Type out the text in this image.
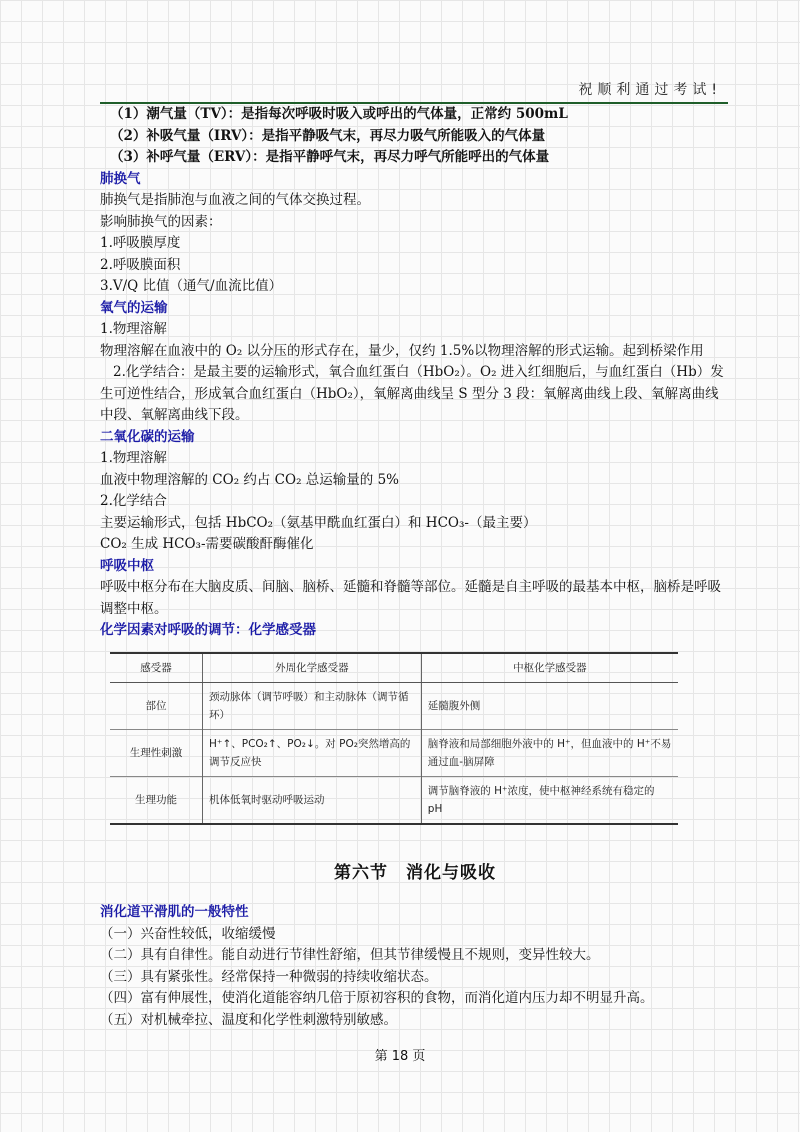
祝顺利通过考试!

（1）潮气量（TV）：是指每次呼吸时吸入或呼出的气体量，正常约 500mL

（2）补吸气量（IRV）：是指平静吸气末，再尽力吸气所能吸入的气体量

（3）补呼气量（ERV）：是指平静呼气末，再尽力呼气所能呼出的气体量

肺换气

肺换气是指肺泡与血液之间的气体交换过程。

影响肺换气的因素：

1.呼吸膜厚度

2.呼吸膜面积

3.V/Q 比值（通气/血流比值）

氧气的运输

1.物理溶解

物理溶解在血液中的 O₂ 以分压的形式存在，量少，仅约 1.5%以物理溶解的形式运输。起到桥梁作用

2.化学结合：是最主要的运输形式，氧合血红蛋白（HbO₂）。O₂ 进入红细胞后，与血红蛋白（Hb）发生可逆性结合，形成氧合血红蛋白（HbO₂），氧解离曲线呈 S 型分 3 段：氧解离曲线上段、氧解离曲线中段、氧解离曲线下段。

二氧化碳的运输

1.物理溶解

血液中物理溶解的 CO₂ 约占 CO₂ 总运输量的 5%

2.化学结合

主要运输形式，包括 HbCO₂（氨基甲酰血红蛋白）和 HCO₃-（最主要）

CO₂ 生成 HCO₃-需要碳酸酐酶催化

呼吸中枢

呼吸中枢分布在大脑皮质、间脑、脑桥、延髓和脊髓等部位。延髓是自主呼吸的最基本中枢，脑桥是呼吸调整中枢。

化学因素对呼吸的调节：化学感受器

感受器	外周化学感受器	中枢化学感受器
部位	颈动脉体（调节呼吸）和主动脉体（调节循环）	延髓腹外侧
生理性刺激	H⁺↑、PCO₂↑、PO₂↓。对 PO₂突然增高的调节反应快	脑脊液和局部细胞外液中的 H⁺，但血液中的 H⁺不易通过血-脑屏障
生理功能	机体低氧时驱动呼吸运动	调节脑脊液的 H⁺浓度，使中枢神经系统有稳定的 pH
第六节　消化与吸收

消化道平滑肌的一般特性

（一）兴奋性较低，收缩缓慢

（二）具有自律性。能自动进行节律性舒缩，但其节律缓慢且不规则，变异性较大。

（三）具有紧张性。经常保持一种微弱的持续收缩状态。

（四）富有伸展性，使消化道能容纳几倍于原初容积的食物，而消化道内压力却不明显升高。

（五）对机械牵拉、温度和化学性刺激特别敏感。

第 18 页
